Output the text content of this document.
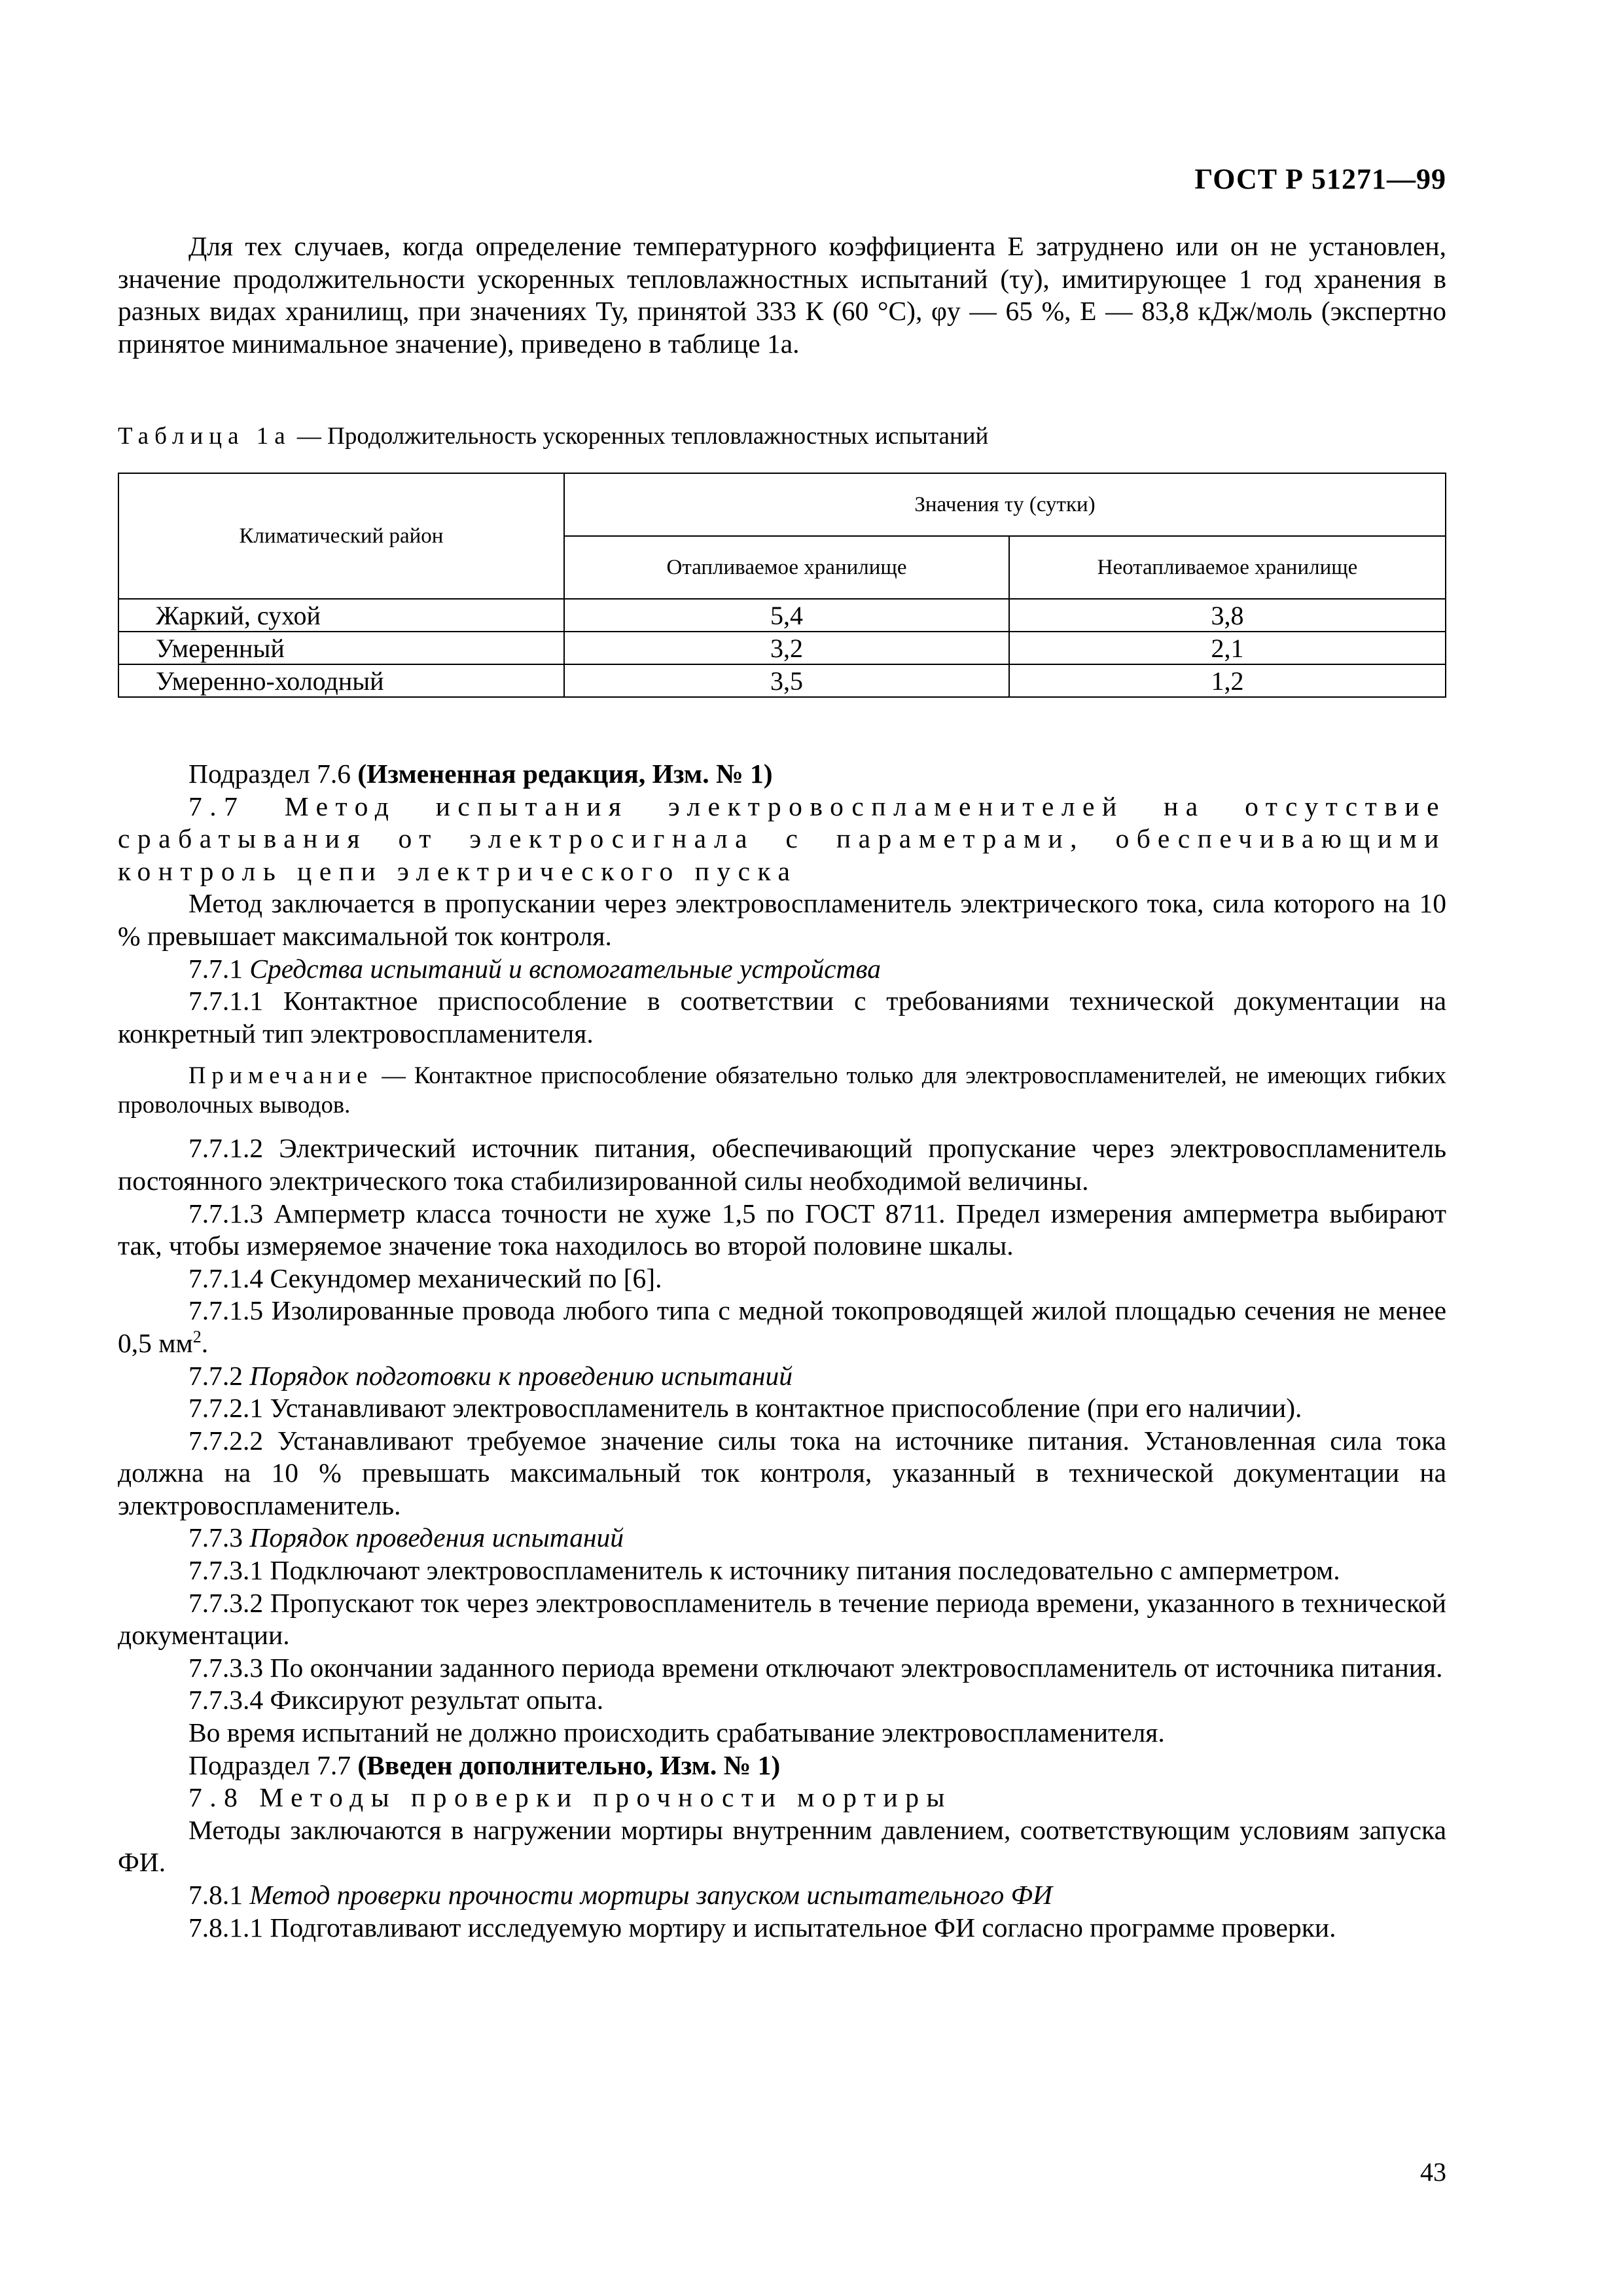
ГОСТ Р 51271—99

Для тех случаев, когда определение температурного коэффициента E затруднено или он не установлен, значение продолжительности ускоренных тепловлажностных испытаний (τу), имитирующее 1 год хранения в разных видах хранилищ, при значениях Ту, принятой 333 К (60 °С), φу — 65 %, E — 83,8 кДж/моль (экспертно принятое минимальное значение), приведено в таблице 1а.

Таблица 1а — Продолжительность ускоренных тепловлажностных испытаний
Климатический район	Значения τу (сутки)	
	Отапливаемое хранилище	Неотапливаемое хранилище
Жаркий, сухой	5,4	3,8
Умеренный	3,2	2,1
Умеренно-холодный	3,5	1,2

Подраздел 7.6 (Измененная редакция, Изм. № 1)

7.7 Метод испытания электровоспламенителей на отсутствие срабатывания от электросигнала с параметрами, обеспечивающими контроль цепи электрического пуска

Метод заключается в пропускании через электровоспламенитель электрического тока, сила которого на 10 % превышает максимальной ток контроля.

7.7.1 Средства испытаний и вспомогательные устройства

7.7.1.1 Контактное приспособление в соответствии с требованиями технической документации на конкретный тип электровоспламенителя.

Примечание — Контактное приспособление обязательно только для электровоспламенителей, не имеющих гибких проволочных выводов.

7.7.1.2 Электрический источник питания, обеспечивающий пропускание через электровоспламенитель постоянного электрического тока стабилизированной силы необходимой величины.

7.7.1.3 Амперметр класса точности не хуже 1,5 по ГОСТ 8711. Предел измерения амперметра выбирают так, чтобы измеряемое значение тока находилось во второй половине шкалы.

7.7.1.4 Секундомер механический по [6].

7.7.1.5 Изолированные провода любого типа с медной токопроводящей жилой площадью сечения не менее 0,5 $мм^2$.

7.7.2 Порядок подготовки к проведению испытаний

7.7.2.1 Устанавливают электровоспламенитель в контактное приспособление (при его наличии).

7.7.2.2 Устанавливают требуемое значение силы тока на источнике питания. Установленная сила тока должна на 10 % превышать максимальный ток контроля, указанный в технической документации на электровоспламенитель.

7.7.3 Порядок проведения испытаний

7.7.3.1 Подключают электровоспламенитель к источнику питания последовательно с амперметром.

7.7.3.2 Пропускают ток через электровоспламенитель в течение периода времени, указанного в технической документации.

7.7.3.3 По окончании заданного периода времени отключают электровоспламенитель от источника питания.

7.7.3.4 Фиксируют результат опыта.

Во время испытаний не должно происходить срабатывание электровоспламенителя.

Подраздел 7.7 (Введен дополнительно, Изм. № 1)

7.8 Методы проверки прочности мортиры

Методы заключаются в нагружении мортиры внутренним давлением, соответствующим условиям запуска ФИ.

7.8.1 Метод проверки прочности мортиры запуском испытательного ФИ

7.8.1.1 Подготавливают исследуемую мортиру и испытательное ФИ согласно программе проверки.

43
